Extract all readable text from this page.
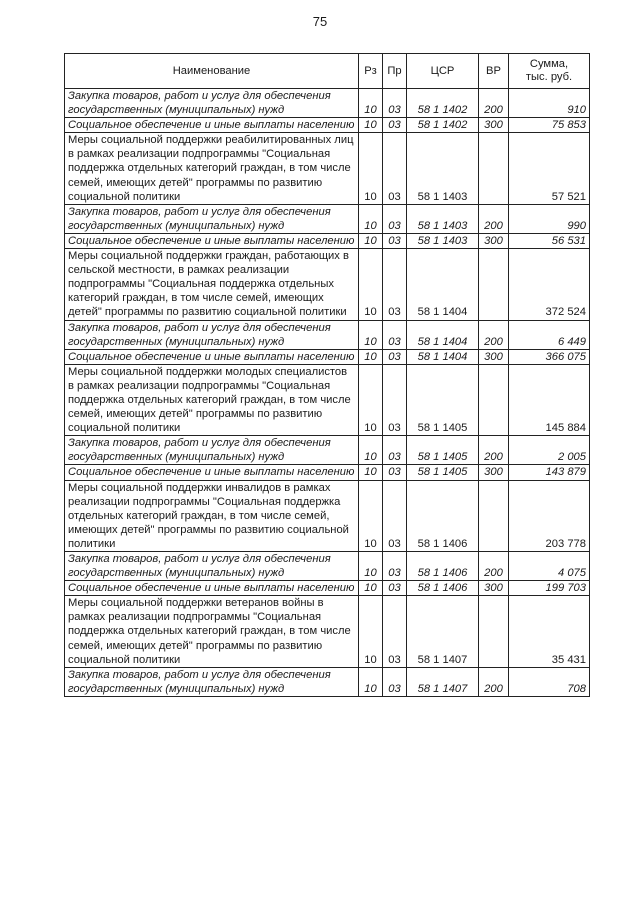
75
Наименование	Рз	Пр	ЦСР	ВР	Сумма,
тыс. руб.
Закупка товаров, работ и услуг для обеспечения государственных (муниципальных) нужд	10	03	58 1 1402	200	910
Социальное обеспечение и иные выплаты населению	10	03	58 1 1402	300	75 853
Меры социальной поддержки реабилитированных лиц в рамках реализации подпрограммы "Социальная поддержка отдельных категорий граждан, в том числе семей, имеющих детей" программы по развитию социальной политики	10	03	58 1 1403		57 521
Закупка товаров, работ и услуг для обеспечения государственных (муниципальных) нужд	10	03	58 1 1403	200	990
Социальное обеспечение и иные выплаты населению	10	03	58 1 1403	300	56 531
Меры социальной поддержки граждан, работающих в сельской местности, в рамках реализации подпрограммы "Социальная поддержка отдельных категорий граждан, в том числе семей, имеющих детей" программы по развитию социальной политики	10	03	58 1 1404		372 524
Закупка товаров, работ и услуг для обеспечения государственных (муниципальных) нужд	10	03	58 1 1404	200	6 449
Социальное обеспечение и иные выплаты населению	10	03	58 1 1404	300	366 075
Меры социальной поддержки молодых специалистов в рамках реализации подпрограммы "Социальная поддержка отдельных категорий граждан, в том числе семей, имеющих детей" программы по развитию социальной политики	10	03	58 1 1405		145 884
Закупка товаров, работ и услуг для обеспечения государственных (муниципальных) нужд	10	03	58 1 1405	200	2 005
Социальное обеспечение и иные выплаты населению	10	03	58 1 1405	300	143 879
Меры социальной поддержки инвалидов в рамках реализации подпрограммы "Социальная поддержка отдельных категорий граждан, в том числе семей, имеющих детей" программы по развитию социальной политики	10	03	58 1 1406		203 778
Закупка товаров, работ и услуг для обеспечения государственных (муниципальных) нужд	10	03	58 1 1406	200	4 075
Социальное обеспечение и иные выплаты населению	10	03	58 1 1406	300	199 703
Меры социальной поддержки ветеранов войны в рамках реализации подпрограммы "Социальная поддержка отдельных категорий граждан, в том числе семей, имеющих детей" программы по развитию социальной политики	10	03	58 1 1407		35 431
Закупка товаров, работ и услуг для обеспечения государственных (муниципальных) нужд	10	03	58 1 1407	200	708
